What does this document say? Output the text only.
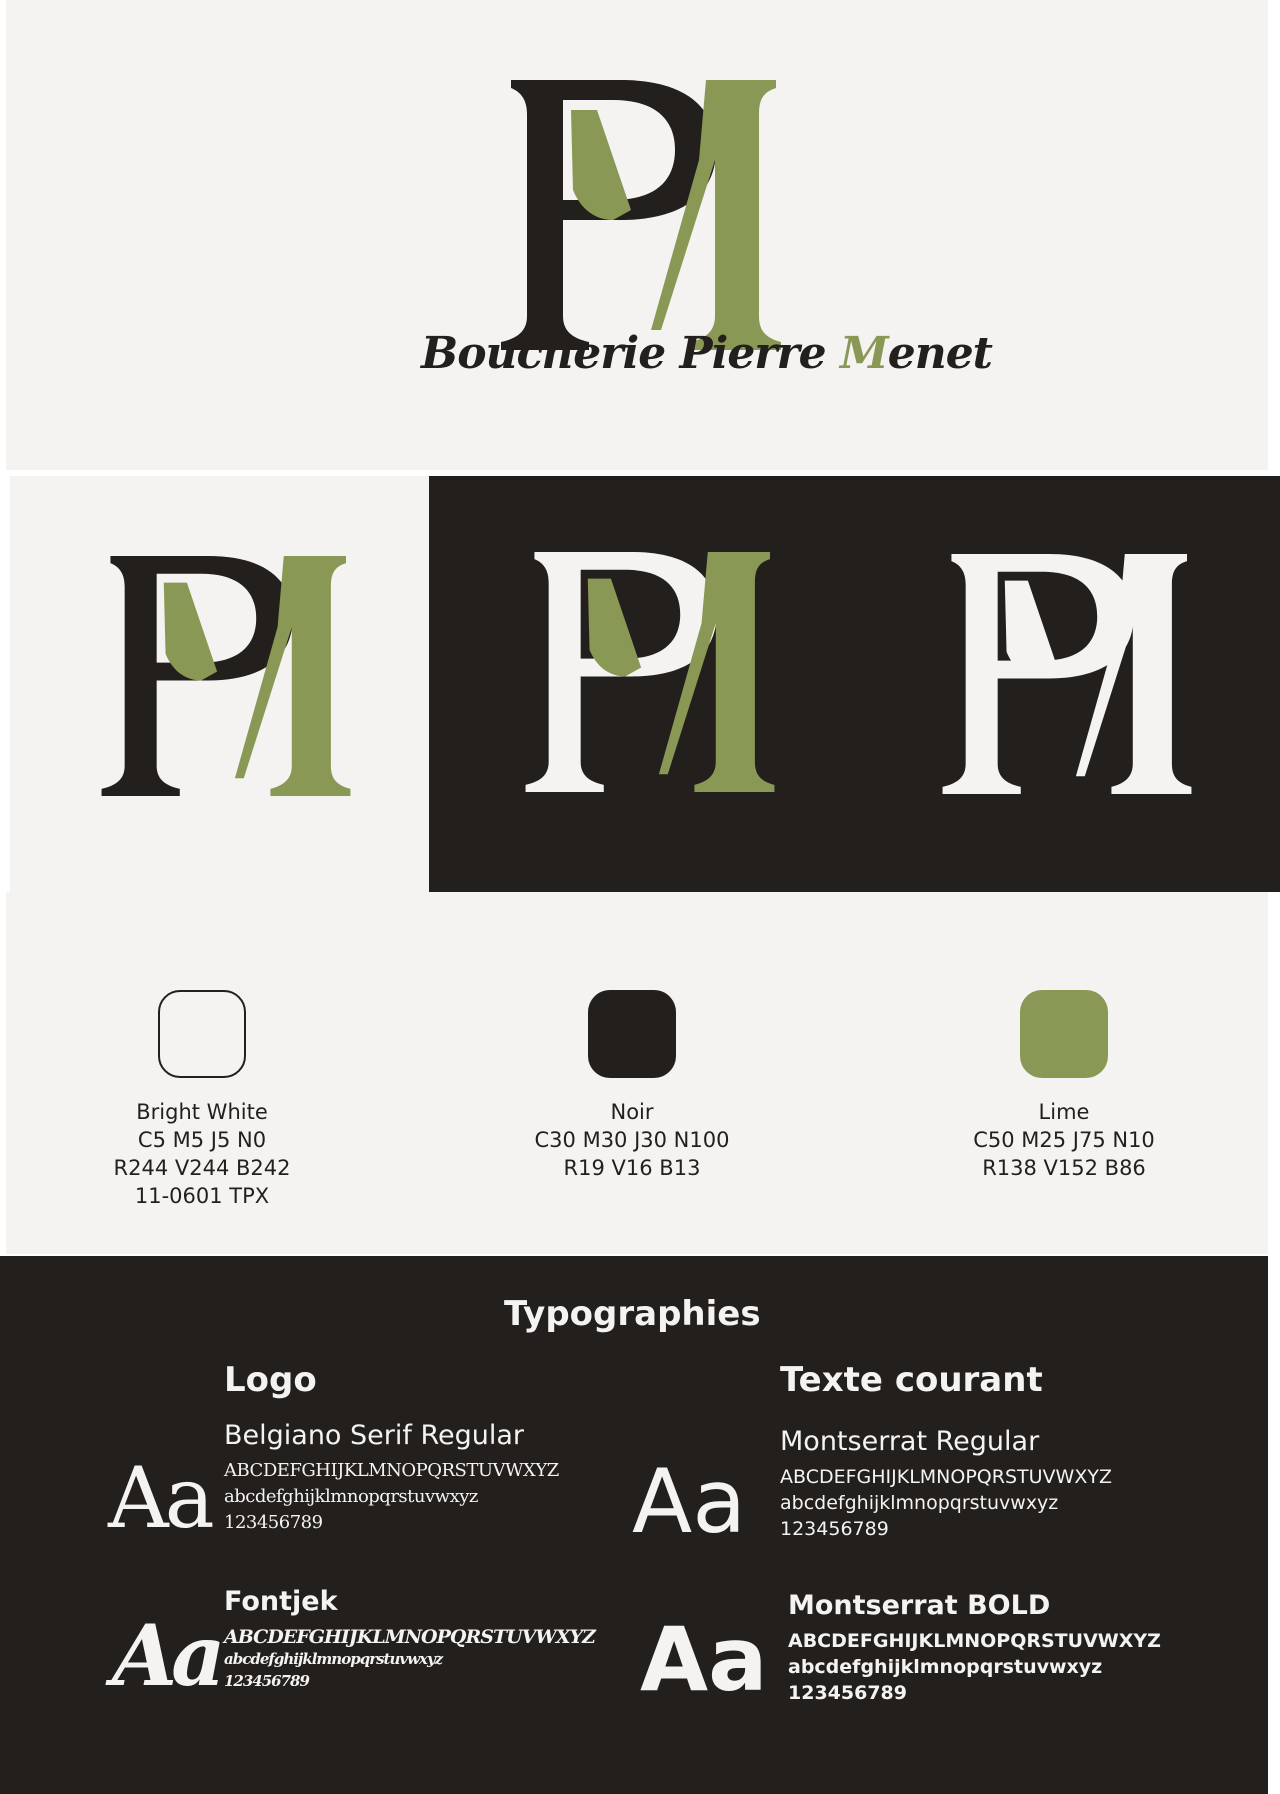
Boucherie Pierre Menet
Bright White
C5 M5 J5 N0
R244 V244 B242
11-0601 TPX
Noir
C30 M30 J30 N100
R19 V16 B13
Lime
C50 M25 J75 N10
R138 V152 B86
Typographies
Logo
Aa
Belgiano Serif Regular
ABCDEFGHIJKLMNOPQRSTUVWXYZ
abcdefghijklmnopqrstuvwxyz
123456789
Aa
Fontjek
ABCDEFGHIJKLMNOPQRSTUVWXYZ
abcdefghijklmnopqrstuvwxyz
123456789
Texte courant
Aa
Montserrat Regular
ABCDEFGHIJKLMNOPQRSTUVWXYZ
abcdefghijklmnopqrstuvwxyz
123456789
Aa
Montserrat BOLD
ABCDEFGHIJKLMNOPQRSTUVWXYZ
abcdefghijklmnopqrstuvwxyz
123456789
